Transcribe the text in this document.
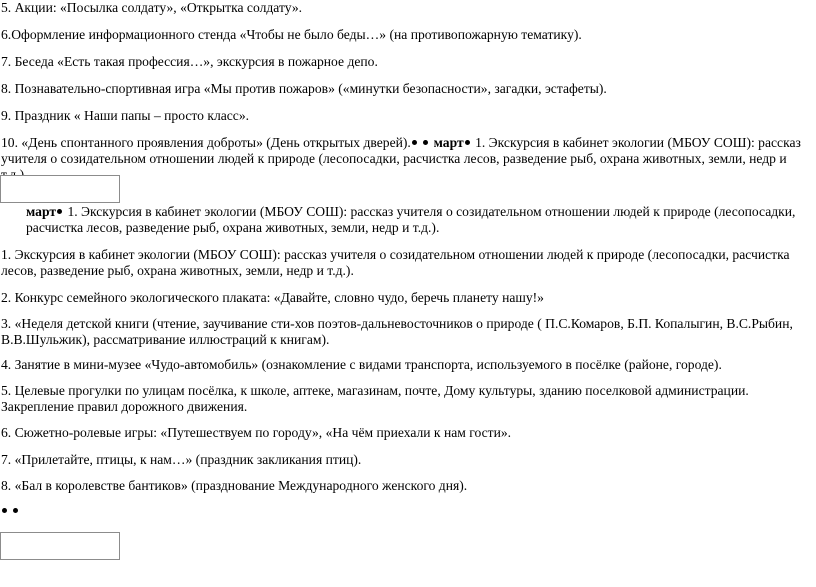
5. Акции: «Посылка солдату», «Открытка солдату».

6.Оформление информационного стенда «Чтобы не было беды…» (на противопожарную тематику).

7. Беседа «Есть такая профессия…», экскурсия в пожарное депо.

8. Познавательно-спортивная игра «Мы против пожаров» («минутки безопасности», загадки, эстафеты).

9. Праздник « Наши папы – просто класс».

10. «День спонтанного проявления доброты» (День открытых дверей). март 1. Экскурсия в кабинет экологии (МБОУ СОШ): рассказ учителя о созидательном отношении людей к природе (лесопосадки, расчистка лесов, разведение рыб, охрана животных, земли, недр и

март 1. Экскурсия в кабинет экологии (МБОУ СОШ): рассказ учителя о созидательном отношении людей к природе (лесопосадки, расчистка лесов, разведение рыб, охрана животных, земли, недр и т.д.).

1. Экскурсия в кабинет экологии (МБОУ СОШ): рассказ учителя о созидательном отношении людей к природе (лесопосадки, расчистка лесов, разведение рыб, охрана животных, земли, недр и т.д.).

2. Конкурс семейного экологического плаката: «Давайте, словно чудо, беречь планету нашу!»

3. «Неделя детской книги (чтение, заучивание сти-хов поэтов-дальневосточников о природе ( П.С.Комаров, Б.П. Копалыгин, В.С.Рыбин, В.В.Шульжик), рассматривание иллюстраций к книгам).

4. Занятие в мини-музее «Чудо-автомобиль» (ознакомление с видами транспорта, используемого в посёлке (районе, городе).

5. Целевые прогулки по улицам посёлка, к школе, аптеке, магазинам, почте, Дому культуры, зданию поселковой администрации. Закрепление правил дорожного движения.

6. Сюжетно-ролевые игры: «Путешествуем по городу», «На чём приехали к нам гости».

7. «Прилетайте, птицы, к нам…» (праздник закликания птиц).

8. «Бал в королевстве бантиков» (празднование Международного женского дня).
